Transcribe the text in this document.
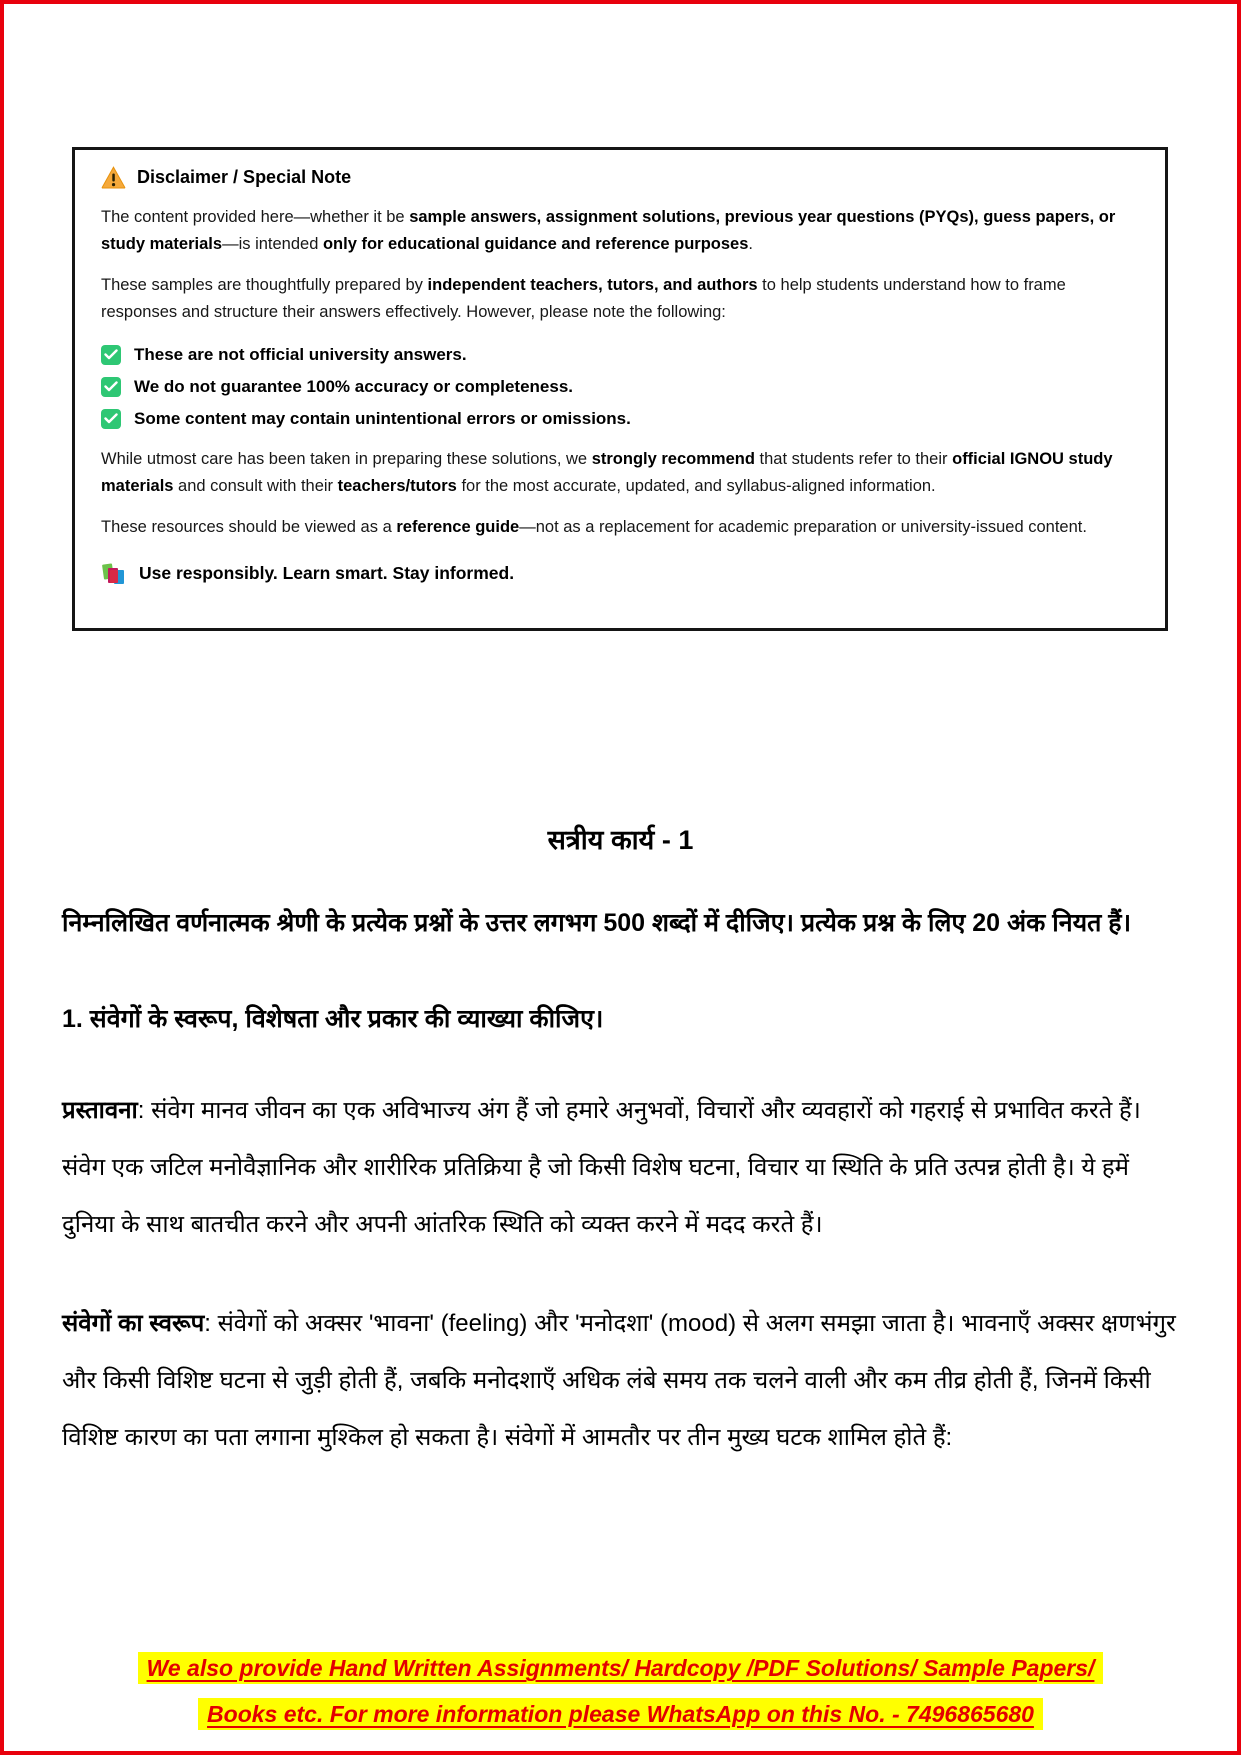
Disclaimer / Special Note

The content provided here—whether it be sample answers, assignment solutions, previous year questions (PYQs), guess papers, or study materials—is intended only for educational guidance and reference purposes.

These samples are thoughtfully prepared by independent teachers, tutors, and authors to help students understand how to frame responses and structure their answers effectively. However, please note the following:

These are not official university answers.
We do not guarantee 100% accuracy or completeness.
Some content may contain unintentional errors or omissions.

While utmost care has been taken in preparing these solutions, we strongly recommend that students refer to their official IGNOU study materials and consult with their teachers/tutors for the most accurate, updated, and syllabus-aligned information.

These resources should be viewed as a reference guide—not as a replacement for academic preparation or university-issued content.

Use responsibly. Learn smart. Stay informed.
सत्रीय कार्य - 1

निम्नलिखित वर्णनात्मक श्रेणी के प्रत्येक प्रश्नों के उत्तर लगभग 500 शब्दों में दीजिए। प्रत्येक प्रश्न के लिए 20 अंक नियत हैं।

1. संवेगों के स्वरूप, विशेषता और प्रकार की व्याख्या कीजिए।

प्रस्तावना: संवेग मानव जीवन का एक अविभाज्य अंग हैं जो हमारे अनुभवों, विचारों और व्यवहारों को गहराई से प्रभावित करते हैं। संवेग एक जटिल मनोवैज्ञानिक और शारीरिक प्रतिक्रिया है जो किसी विशेष घटना, विचार या स्थिति के प्रति उत्पन्न होती है। ये हमें दुनिया के साथ बातचीत करने और अपनी आंतरिक स्थिति को व्यक्त करने में मदद करते हैं।

संवेगों का स्वरूप: संवेगों को अक्सर 'भावना' (feeling) और 'मनोदशा' (mood) से अलग समझा जाता है। भावनाएँ अक्सर क्षणभंगुर और किसी विशिष्ट घटना से जुड़ी होती हैं, जबकि मनोदशाएँ अधिक लंबे समय तक चलने वाली और कम तीव्र होती हैं, जिनमें किसी विशिष्ट कारण का पता लगाना मुश्किल हो सकता है। संवेगों में आमतौर पर तीन मुख्य घटक शामिल होते हैं:

We also provide Hand Written Assignments/ Hardcopy /PDF Solutions/ Sample Papers/
Books etc. For more information please WhatsApp on this No. - 7496865680
